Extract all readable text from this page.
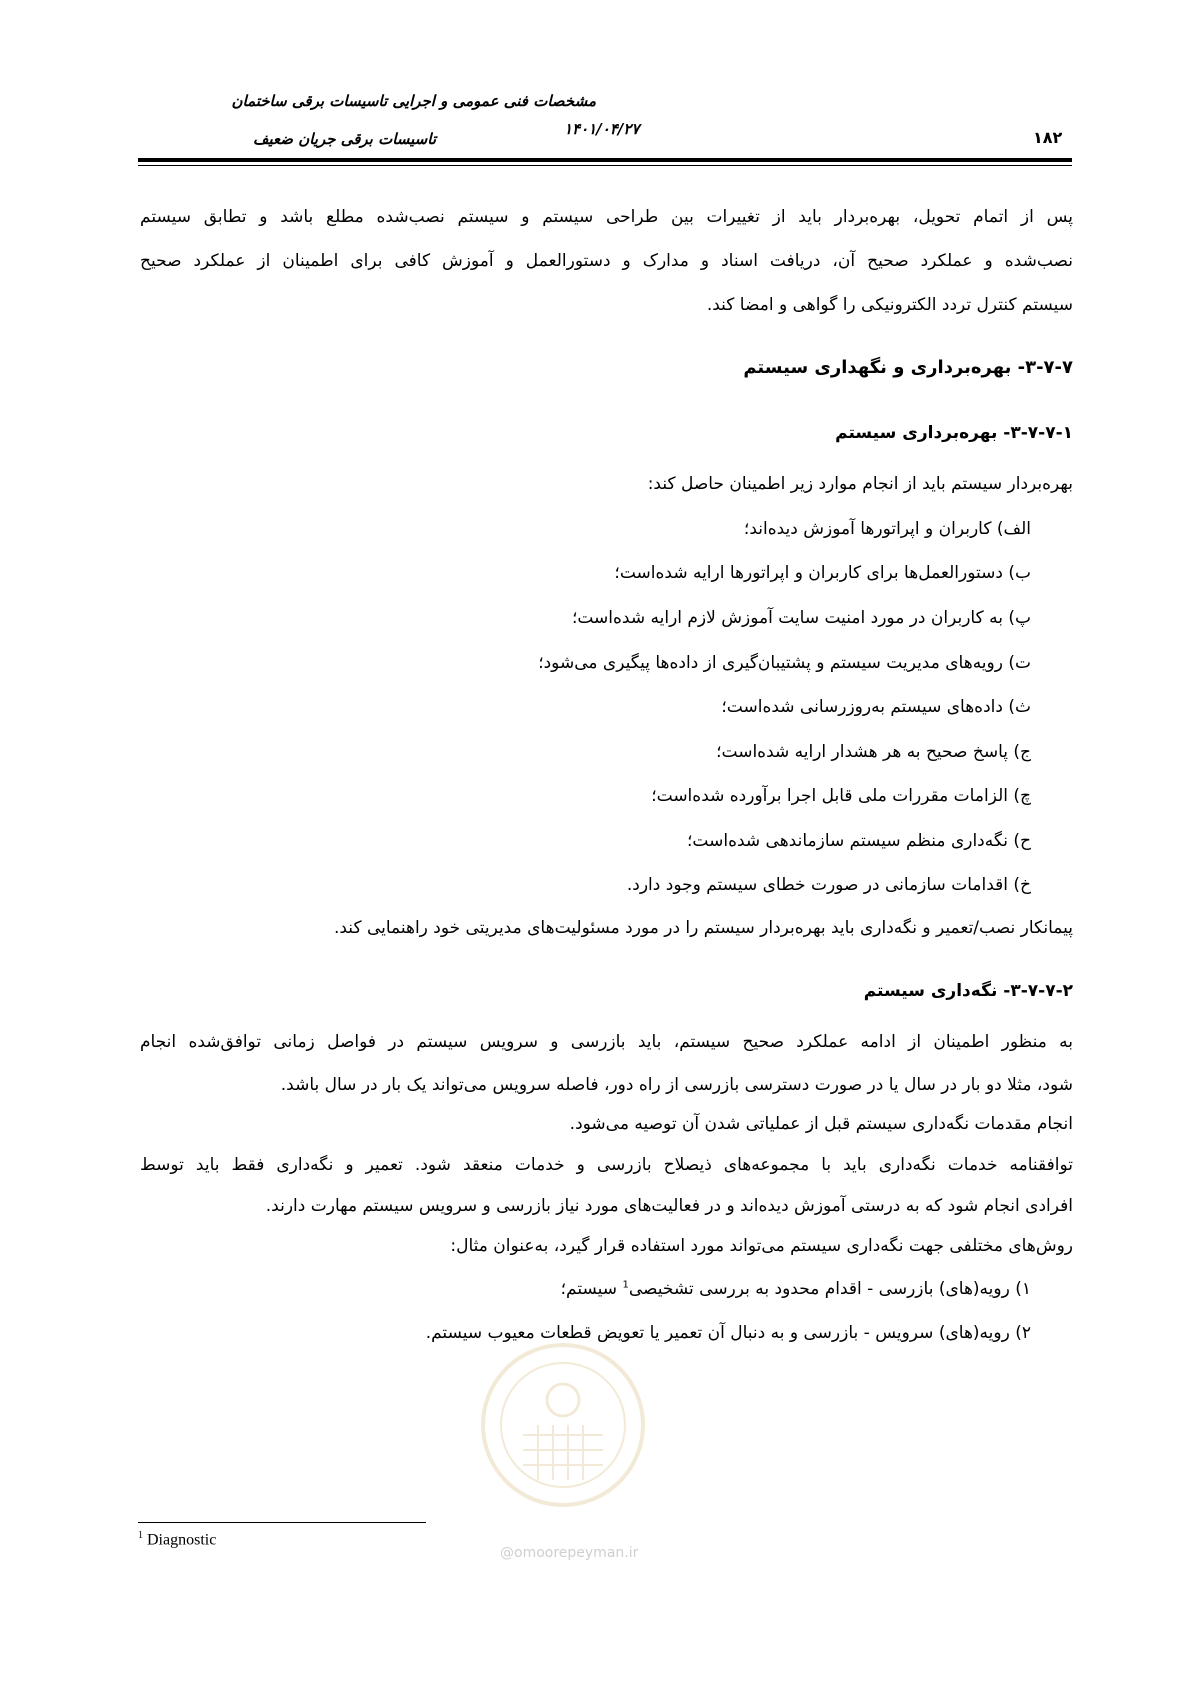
مشخصات فنی عمومی و اجرایی تاسیسات برقی ساختمان
تاسیسات برقی جریان ضعیف
۱۴۰۱/۰۴/۲۷	۱۸۲
پس از اتمام تحویل، بهره‌بردار باید از تغییرات بین طراحی سیستم و سیستم نصب‌شده مطلع باشد و تطابق سیستم
نصب‌شده و عملکرد صحیح آن، دریافت اسناد و مدارک و دستورالعمل و آموزش کافی برای اطمینان از عملکرد صحیح
سیستم کنترل تردد الکترونیکی را گواهی و امضا کند.
۳-۷-۷- بهره‌برداری و نگهداری سیستم
۳-۷-۷-۱- بهره‌برداری سیستم
بهره‌بردار سیستم باید از انجام موارد زیر اطمینان حاصل کند:
الف) کاربران و اپراتورها آموزش دیده‌اند؛
ب) دستورالعمل‌ها برای کاربران و اپراتورها ارایه شده‌است؛
پ) به کاربران در مورد امنیت سایت آموزش لازم ارایه شده‌است؛
ت) رویه‌های مدیریت سیستم و پشتیبان‌گیری از داده‌ها پیگیری می‌شود؛
ث) داده‌های سیستم به‌روزرسانی شده‌است؛
ج) پاسخ صحیح به هر هشدار ارایه شده‌است؛
چ) الزامات مقررات ملی قابل اجرا برآورده شده‌است؛
ح) نگه‌داری منظم سیستم سازماندهی شده‌است؛
خ) اقدامات سازمانی در صورت خطای سیستم وجود دارد.
پیمانکار نصب/تعمیر و نگه‌داری باید بهره‌بردار سیستم را در مورد مسئولیت‌های مدیریتی خود راهنمایی کند.
۳-۷-۷-۲- نگه‌داری سیستم
به منظور اطمینان از ادامه عملکرد صحیح سیستم، باید بازرسی و سرویس سیستم در فواصل زمانی توافق‌شده انجام
شود، مثلا دو بار در سال یا در صورت دسترسی بازرسی از راه دور، فاصله سرویس می‌تواند یک بار در سال باشد.
انجام مقدمات نگه‌داری سیستم قبل از عملیاتی شدن آن توصیه می‌شود.
توافقنامه خدمات نگه‌داری باید با مجموعه‌های ذیصلاح بازرسی و خدمات منعقد شود. تعمیر و نگه‌داری فقط باید توسط
افرادی انجام شود که به درستی آموزش دیده‌اند و در فعالیت‌های مورد نیاز بازرسی و سرویس سیستم مهارت دارند.
روش‌های مختلفی جهت نگه‌داری سیستم می‌تواند مورد استفاده قرار گیرد، به‌عنوان مثال:
۱) رویه(های) بازرسی - اقدام محدود به بررسی تشخیصی$^1$ سیستم؛
۲) رویه(های) سرویس - بازرسی و به دنبال آن تعمیر یا تعویض قطعات معیوب سیستم.
@omoorepeyman.ir
$^1$ Diagnostic
